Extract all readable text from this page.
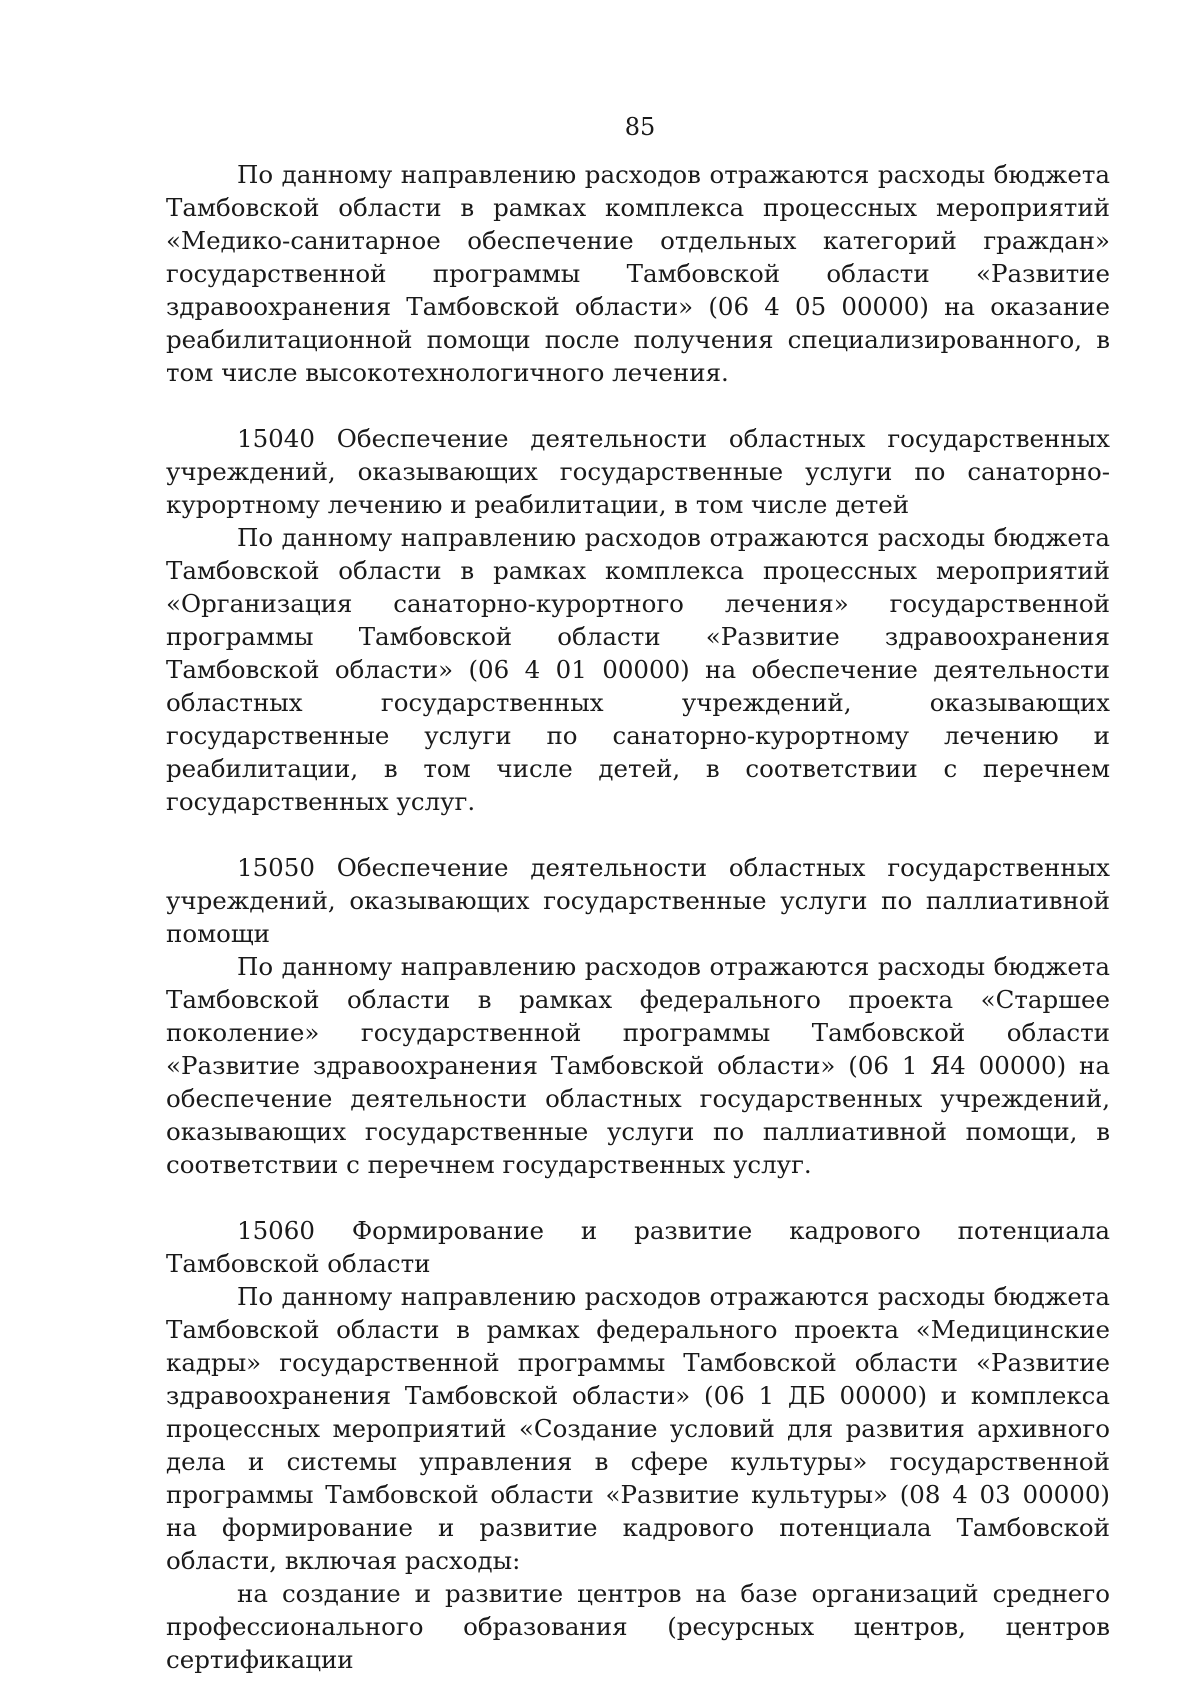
85

По данному направлению расходов отражаются расходы бюджета Тамбовской области в рамках комплекса процессных мероприятий «Медико-санитарное обеспечение отдельных категорий граждан» государственной программы Тамбовской области «Развитие здравоохранения Тамбовской области» (06 4 05 00000) на оказание реабилитационной помощи после получения специализированного, в том числе высокотехнологичного лечения.

15040 Обеспечение деятельности областных государственных учреждений, оказывающих государственные услуги по санаторно-курортному лечению и реабилитации, в том числе детей

По данному направлению расходов отражаются расходы бюджета Тамбовской области в рамках комплекса процессных мероприятий «Организация санаторно-курортного лечения» государственной программы Тамбовской области «Развитие здравоохранения Тамбовской области» (06 4 01 00000) на обеспечение деятельности областных государственных учреждений, оказывающих государственные услуги по санаторно-курортному лечению и реабилитации, в том числе детей, в соответствии с перечнем государственных услуг.

15050 Обеспечение деятельности областных государственных учреждений, оказывающих государственные услуги по паллиативной помощи

По данному направлению расходов отражаются расходы бюджета Тамбовской области в рамках федерального проекта «Старшее поколение» государственной программы Тамбовской области «Развитие здравоохранения Тамбовской области» (06 1 Я4 00000) на обеспечение деятельности областных государственных учреждений, оказывающих государственные услуги по паллиативной помощи, в соответствии с перечнем государственных услуг.

15060 Формирование и развитие кадрового потенциала Тамбовской области

По данному направлению расходов отражаются расходы бюджета Тамбовской области в рамках федерального проекта «Медицинские кадры» государственной программы Тамбовской области «Развитие здравоохранения Тамбовской области» (06 1 ДБ 00000) и комплекса процессных мероприятий «Создание условий для развития архивного дела и системы управления в сфере культуры» государственной программы Тамбовской области «Развитие культуры» (08 4 03 00000) на формирование и развитие кадрового потенциала Тамбовской области, включая расходы:

на создание и развитие центров на базе организаций среднего профессионального образования (ресурсных центров, центров сертификации
